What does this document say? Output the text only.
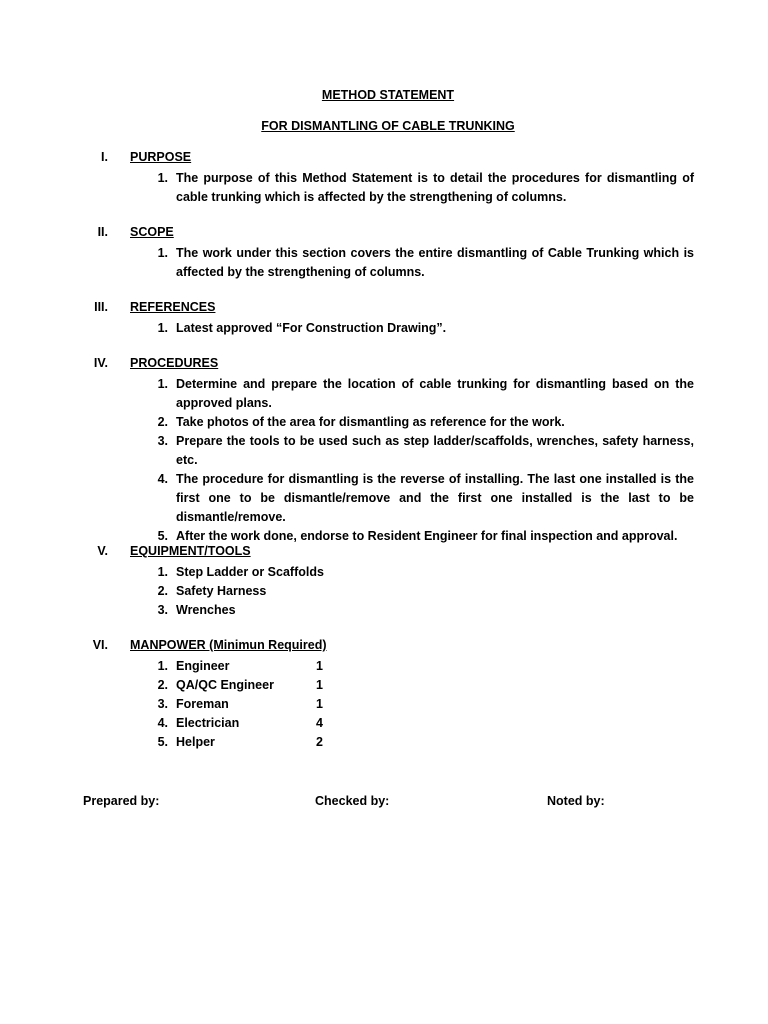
METHOD STATEMENT
FOR DISMANTLING OF CABLE TRUNKING
I. PURPOSE
1. The purpose of this Method Statement is to detail the procedures for dismantling of cable trunking which is affected by the strengthening of columns.
II. SCOPE
1. The work under this section covers the entire dismantling of Cable Trunking which is affected by the strengthening of columns.
III. REFERENCES
1. Latest approved “For Construction Drawing”.
IV. PROCEDURES
1. Determine and prepare the location of cable trunking for dismantling based on the approved plans.
2. Take photos of the area for dismantling as reference for the work.
3. Prepare the tools to be used such as step ladder/scaffolds, wrenches, safety harness, etc.
4. The procedure for dismantling is the reverse of installing. The last one installed is the first one to be dismantle/remove and the first one installed is the last to be dismantle/remove.
5. After the work done, endorse to Resident Engineer for final inspection and approval.
V. EQUIPMENT/TOOLS
1. Step Ladder or Scaffolds
2. Safety Harness
3. Wrenches
VI. MANPOWER (Minimun Required)
1. Engineer	1
2. QA/QC Engineer	1
3. Foreman	1
4. Electrician	4
5. Helper	2
Prepared by:	Checked by:	Noted by:
